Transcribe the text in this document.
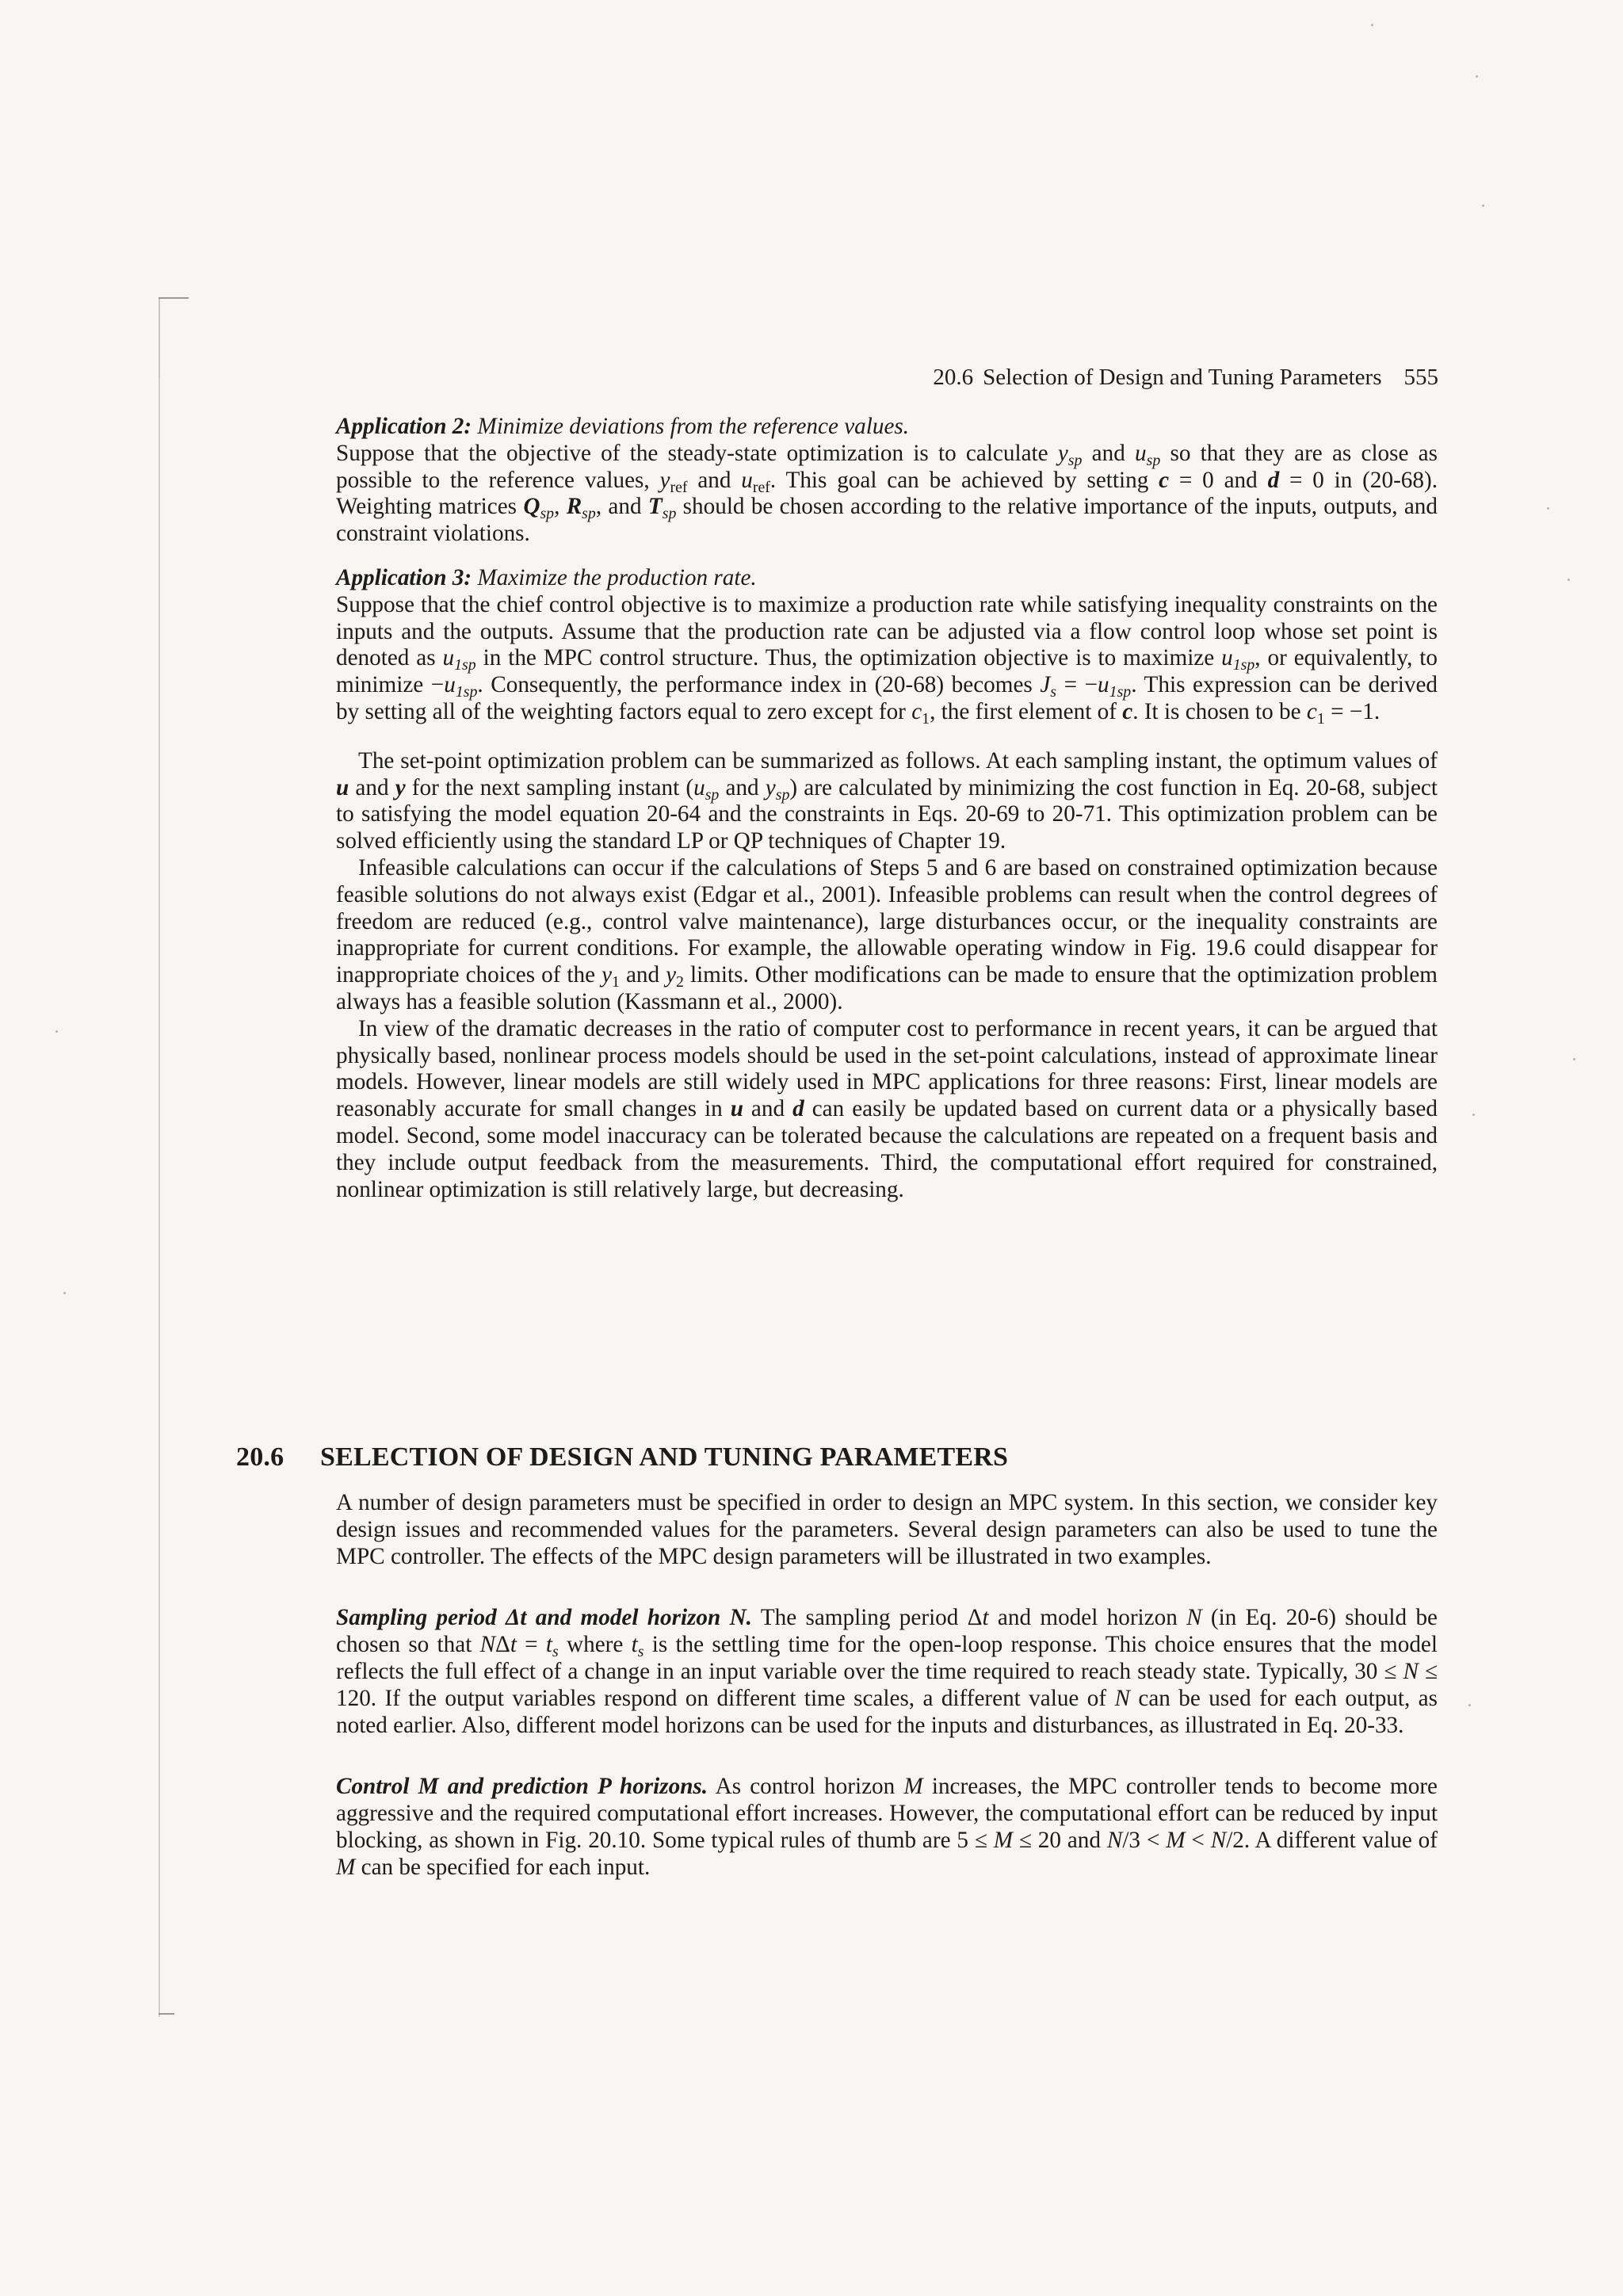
20.6 Selection of Design and Tuning Parameters 555

Application 2: Minimize deviations from the reference values.

Suppose that the objective of the steady-state optimization is to calculate $y_{sp}$ and $u_{sp}$ so that they are as close as possible to the reference values, $y_{ref}$ and $u_{ref}$. This goal can be achieved by setting c = 0 and d = 0 in (20-68). Weighting matrices $Q_{sp}$, $R_{sp}$, and $T_{sp}$ should be chosen according to the relative importance of the inputs, outputs, and constraint violations.

Application 3: Maximize the production rate.

Suppose that the chief control objective is to maximize a production rate while satisfying inequality constraints on the inputs and the outputs. Assume that the production rate can be adjusted via a flow control loop whose set point is denoted as $u_{1sp}$ in the MPC control structure. Thus, the optimization objective is to maximize $u_{1sp}$, or equivalently, to minimize $-u_{1sp}$. Consequently, the performance index in (20-68) becomes $J_s = -u_{1sp}$. This expression can be derived by setting all of the weighting factors equal to zero except for $c_1$, the first element of c. It is chosen to be $c_1 = -1$.

The set-point optimization problem can be summarized as follows. At each sampling instant, the optimum values of u and y for the next sampling instant ($u_{sp}$ and $y_{sp}$) are calculated by minimizing the cost function in Eq. 20-68, subject to satisfying the model equation 20-64 and the constraints in Eqs. 20-69 to 20-71. This optimization problem can be solved efficiently using the standard LP or QP techniques of Chapter 19.

Infeasible calculations can occur if the calculations of Steps 5 and 6 are based on constrained optimization because feasible solutions do not always exist (Edgar et al., 2001). Infeasible problems can result when the control degrees of freedom are reduced (e.g., control valve maintenance), large disturbances occur, or the inequality constraints are inappropriate for current conditions. For example, the allowable operating window in Fig. 19.6 could disappear for inappropriate choices of the $y_1$ and $y_2$ limits. Other modifications can be made to ensure that the optimization problem always has a feasible solution (Kassmann et al., 2000).

In view of the dramatic decreases in the ratio of computer cost to performance in recent years, it can be argued that physically based, nonlinear process models should be used in the set-point calculations, instead of approximate linear models. However, linear models are still widely used in MPC applications for three reasons: First, linear models are reasonably accurate for small changes in u and d can easily be updated based on current data or a physically based model. Second, some model inaccuracy can be tolerated because the calculations are repeated on a frequent basis and they include output feedback from the measurements. Third, the computational effort required for constrained, nonlinear optimization is still relatively large, but decreasing.

20.6 SELECTION OF DESIGN AND TUNING PARAMETERS

A number of design parameters must be specified in order to design an MPC system. In this section, we consider key design issues and recommended values for the parameters. Several design parameters can also be used to tune the MPC controller. The effects of the MPC design parameters will be illustrated in two examples.

Sampling period Δt and model horizon N. The sampling period Δt and model horizon N (in Eq. 20-6) should be chosen so that $N\Delta t = t_s$ where $t_s$ is the settling time for the open-loop response. This choice ensures that the model reflects the full effect of a change in an input variable over the time required to reach steady state. Typically, 30 ≤ N ≤ 120. If the output variables respond on different time scales, a different value of N can be used for each output, as noted earlier. Also, different model horizons can be used for the inputs and disturbances, as illustrated in Eq. 20-33.

Control M and prediction P horizons. As control horizon M increases, the MPC controller tends to become more aggressive and the required computational effort increases. However, the computational effort can be reduced by input blocking, as shown in Fig. 20.10. Some typical rules of thumb are 5 ≤ M ≤ 20 and N/3 < M < N/2. A different value of M can be specified for each input.
